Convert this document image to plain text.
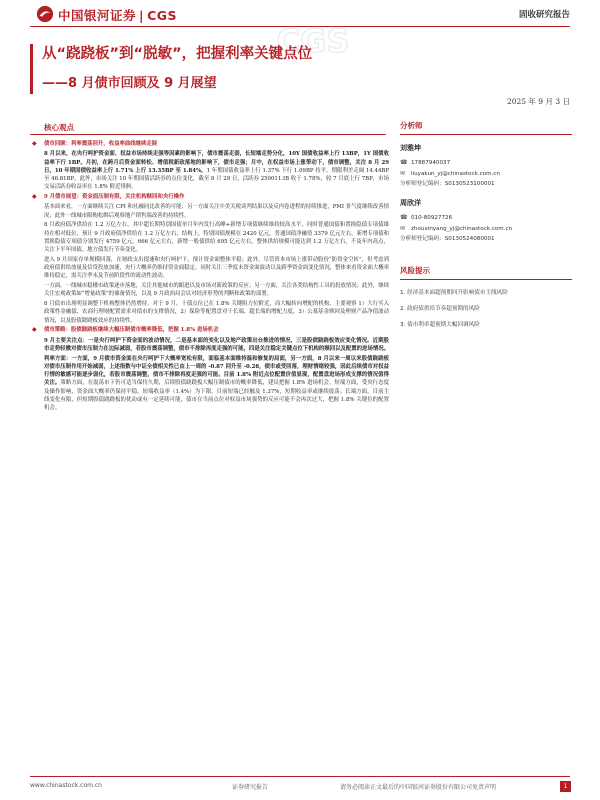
中国银河证券 | CGS	固收研究报告
CGS
从“跷跷板”到“脱敏”，把握利率关键点位
——8 月债市回顾及 9 月展望
2025 年 9 月 3 日
核心观点
◆	债市回顾：利率震荡回升，收益率曲线继续走陡

8 月以来，在央行呵护资金面、权益市场持续走强等因素的影响下，债市震荡走弱，长短端走势分化，10Y 国债收益率上行 13BP，1Y 国债收益率下行 1BP。月初，在跨月后资金面转松、增值税新政落地的影响下，债市走强；月中，在权益市场上涨带动下，债市调整，关注 8 月 29 日，10 年期国债收益率上行 1.71% 上行 13.35BP 至 1.84%，1 年期国债收益率上行 1.37% 下行 1.09BP 持平，期限利差走阔 14.44BP 至 46.81BP，此外，市场关注 10 年期国债活跃券的点位变化，截至 8 月 29 日，活跃券 250011.IB 收于 1.78%，较 7 月底上行 7BP，市场交易活跃券收益率在 1.8% 附近徘徊。

◆	9 月债市展望：资金面压制有限，关注机构赎回和央行操作

基本面来看，一方面继续关注 CPI 和社融同比改善的可能；另一方面关注中美关税谈判结果以及反内卷进程的持续推进，PMI 景气度继续改善情况；此外一线城市限购松绑后观察地产销售端改善的持续性。

8 月政府债净供给在 1.2 万亿左右，其中超长期特别国债单月年内发行高峰+新增专项债继续维持较高水平，同时普通国债和置换隐债专项债维持在相对低位，预计 9 月政府债净供给在 1.2 万亿左右，结构上，特别国债规模在 2420 亿元，普通国债净融资 3379 亿元左右，新增专项债和置换隐债专项债分别发行 4759 亿元、666 亿元左右，新增一般债供给 695 亿元左右，整体供给规模可能达到 1.2 万亿左右，不及年内高点，关注下半年国债、地方债发行节奏变化。

进入 9 月国家存单规模回落，在财政支出提速和央行呵护下，预计资金面整体平稳；此外，尽管资本市场上涨带动股份“防资金空转”，但考虑到政府债供给放量及信贷投放加速，央行大概率仍维持资金面稳定，同时关注三季度末资金面波动以及跨季资金面变化情况，整体来看资金面大概率维持稳定，需关注季末及节前阶段性的流动性波动。

一方面，一线城市稳楼市政策逐步落地，关注其他城市的跟进以及市场对新政策的反应；另一方面，关注各类结构性工具的投放情况；此外，继续关注宏观政策如“增量政策”的储备情况，以及 9 月政治局会议对经济形势的判断和政策的部署。

8 月债市出现明显调整下机构整体仍然增持。对于 9 月，十债点位已在 1.8% 关键阻力位附近，而大幅转向增配的机构，主要观察 1）大行买入政策性金融债、农商行理财配置需求对债市的支撑情况，2）保险等配置盘对于长端、超长端的增配力度，3）公募基金赎回及理财产品净值波动情况，以及股债跷跷板效应的持续性。

◆	债市策略：股债跷跷板继续大幅压制债市概率降低，把握 1.8% 进场机会

9 月主要关注点：一是央行呵护下资金面的波动情况，二是基本面的变化以及地产政策出台推进的情况，三是股债跷跷板效应变化情况。近期股市走势轻微对债市压制力在边际减弱，若股市震荡调整，债市不排除再度走强的可能，四是关注稳定关键点位下机构的赎回以及配置的进场情况。

利率方面：一方面，9 月债市资金面在央行呵护下大概率宽松有限，面临基本面维持温和修复的局面，另一方面，8 月以来一周以来股债跷跷板对债市压制作用开始减弱，上述指数与中证全债相关性已由上一周的 -0.87 回升至 -0.28，债市或受回落，理财情绪较强，因此后续债市对权益行情的敏感可能逐步弱化，若股市震荡调整，债市不排除再度走强的可能。目前 1.8% 附近点位配置价值显现，配置盘进场形成支撑的情况值得关注。策略方面，在震荡市下仍可适当保持久期，后续股债跷跷板大幅压制债市的概率降低，建议把握 1.8% 进场机会。短端方面，受央行态度及操作影响，资金面大概率仍保持平稳，短端收益率（1.4%）为下限，目前短端已经触及 1.37%，短期收益率或继续震荡；长端方面，目前主线变化有限，但短期股债跷跷板的扰动或有一定延续可能，债市在当前点位对权益市场强势的反应可能不会再次过大，把握 1.8% 关键位的配置机会。

分析师
刘雅坤
☎ 17887940037
✉	liuyakun_yj@chinastock.com.cn
分析师登记编码：S0130523100001
周欣洋
☎ 010-80927726
✉	zhouxinyang_yj@chinastock.com.cn
分析师登记编码：S0130524080001
风险提示
1. 经济基本面超预期回升影响债市主线风险
2. 政府债供给节奏超预期的风险
3. 债市利率超预期大幅回调风险
www.chinastock.com.cn	证券研究报告	请务必阅读正文最后的中国银河证券股份有限公司免责声明	1
